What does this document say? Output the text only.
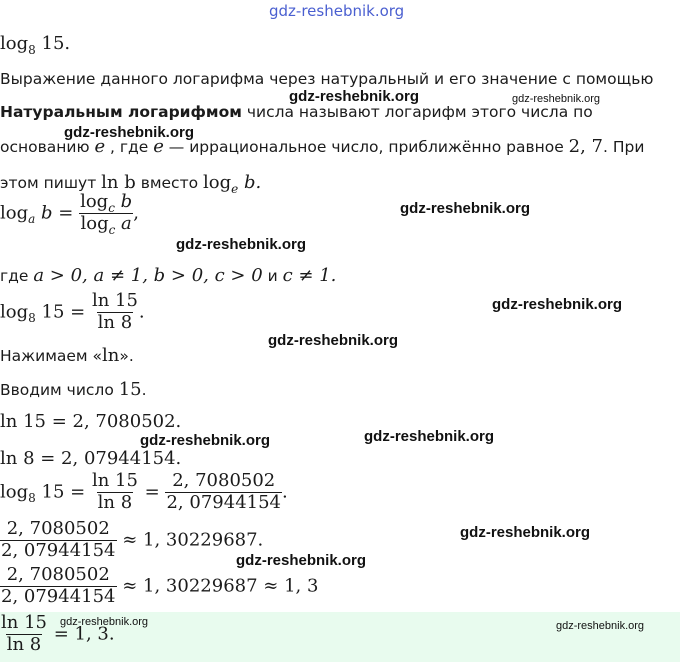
gdz-reshebnik.org
$\log_8 15$.
Выражение данного логарифма через натуральный и его значение с помощью
Натуральным логарифмом числа называют логарифм этого числа по
основанию e , где e — иррациональное число, приближённо равное 2, 7. При
этом пишут ln b вместо $\log_e b$.
$\log_a b = \frac{\log_c b}{\log_c a}$ ,
где a > 0, a ≠ 1, b > 0, c > 0 и c ≠ 1.
$\log_8 15 = \frac{\ln 15}{\ln 8}$ .
Нажимаем «ln».
Вводим число 15.
ln 15 = 2, 7080502.
ln 8 = 2, 07944154.
$\log_8 15 = \frac{\ln 15}{\ln 8} = \frac{2, 7080502}{2, 07944154}$ .
$\frac{2, 7080502}{2, 07944154} \approx 1$, 30229687.
$\frac{2, 7080502}{2, 07944154} \approx 1$, 30229687 ≈ 1, 3
$\frac{\ln 15}{\ln 8} = 1$, 3.
gdz-reshebnik.org	gdz-reshebnik.org
gdz-reshebnik.org
gdz-reshebnik.org
gdz-reshebnik.org
gdz-reshebnik.org
gdz-reshebnik.org
gdz-reshebnik.org	gdz-reshebnik.org
gdz-reshebnik.org
gdz-reshebnik.org
gdz-reshebnik.org	gdz-reshebnik.org
